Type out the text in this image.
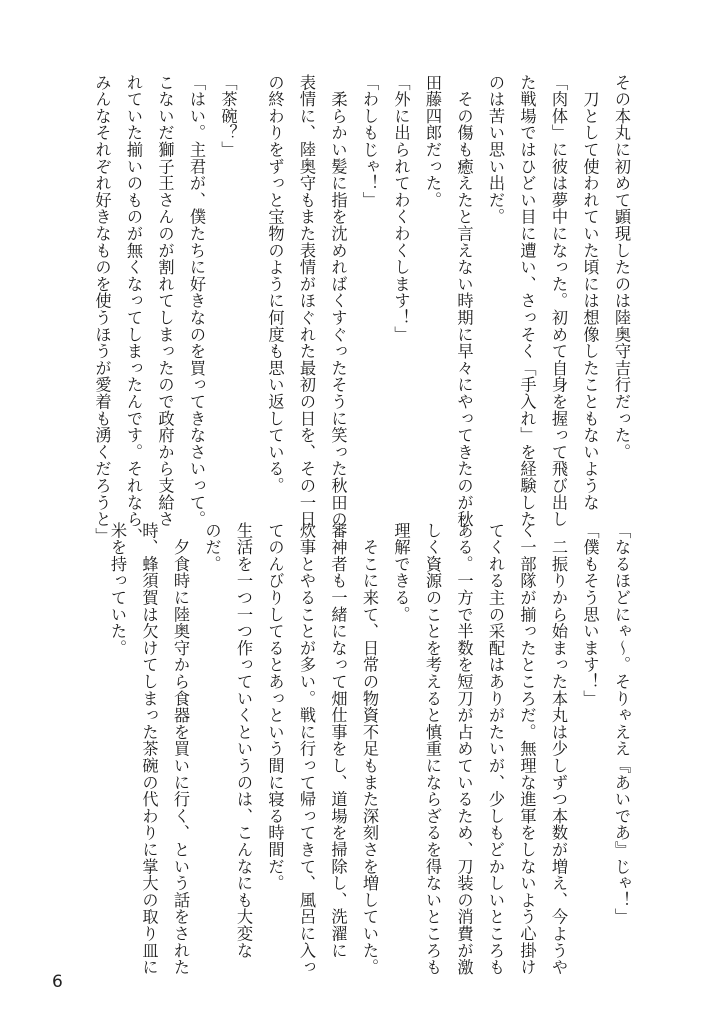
その本丸に初めて顕現したのは陸奥守吉行だった。
　刀として使われていた頃には想像したこともないような
「肉体」に彼は夢中になった。初めて自身を握って飛び出し
た戦場ではひどい目に遭い、さっそく「手入れ」を経験した
のは苦い思い出だ。
　その傷も癒えたと言えない時期に早々にやってきたのが秋
田藤四郎だった。
「外に出られてわくわくします！」
「わしもじゃ！」
　柔らかい髪に指を沈めればくすぐったそうに笑った秋田の
表情に、陸奥守もまた表情がほぐれた最初の日を、その一日
の終わりをずっと宝物のように何度も思い返している。
「茶碗？」
「はい。主君が、僕たちに好きなのを買ってきなさいって。
こないだ獅子王さんのが割れてしまったので政府から支給さ
れていた揃いのものが無くなってしまったんです。それなら、
みんなそれぞれ好きなものを使うほうが愛着も湧くだろうと」
「なるほどにゃ〜。そりゃええ『あいであ』じゃ！」
「僕もそう思います！」
　二振りから始まった本丸は少しずつ本数が増え、今ようや
く一部隊が揃ったところだ。無理な進軍をしないよう心掛け
てくれる主の采配はありがたいが、少しもどかしいところも
ある。一方で半数を短刀が占めているため、刀装の消費が激
しく資源のことを考えると慎重にならざるを得ないところも
理解できる。
　そこに来て、日常の物資不足もまた深刻さを増していた。
審神者も一緒になって畑仕事をし、道場を掃除し、洗濯に
炊事とやることが多い。戦に行って帰ってきて、風呂に入っ
てのんびりしてるとあっという間に寝る時間だ。
生活を一つ一つ作っていくというのは、こんなにも大変な
のだ。
　夕食時に陸奥守から食器を買いに行く、という話をされた
時、蜂須賀は欠けてしまった茶碗の代わりに掌大の取り皿に
米を持っていた。
6
